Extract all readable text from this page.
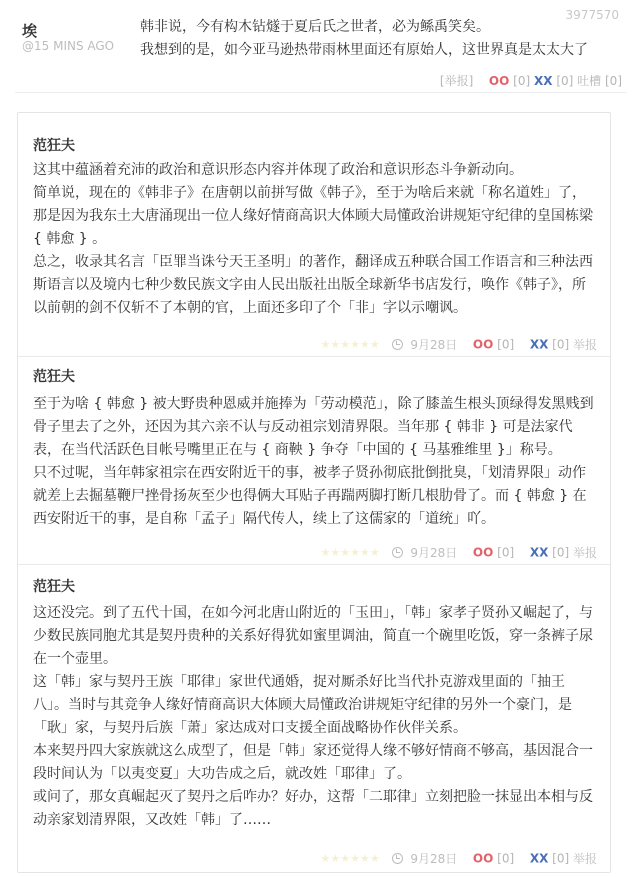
埃
@15 MINS AGO

韩非说，今有构木钻燧于夏后氏之世者，必为鲧禹笑矣。

我想到的是，如今亚马逊热带雨林里面还有原始人，这世界真是太太大了

[举报] OO [0] XX [0] 吐槽 [0]
3977570
范狂夫

这其中蕴涵着充沛的政治和意识形态内容并体现了政治和意识形态斗争新动向。

简单说，现在的《韩非子》在唐朝以前拼写做《韩子》，至于为啥后来就「称名道姓」了，那是因为我东土大唐涌现出一位人缘好情商高识大体顾大局懂政治讲规矩守纪律的皇国栋梁 { 韩愈 } 。

总之，收录其名言「臣罪当诛兮天王圣明」的著作，翻译成五种联合国工作语言和三种法西斯语言以及境内七种少数民族文字由人民出版社出版全球新华书店发行，唤作《韩子》，所以前朝的剑不仅斩不了本朝的官，上面还多印了个「非」字以示嘲讽。

★★★★★★	9月28日 OO [0] XX [0] 举报
范狂夫

至于为啥 { 韩愈 } 被大野贵种恩威并施捧为「劳动模范」，除了膝盖生根头顶绿得发黑贱到骨子里去了之外，还因为其六亲不认与反动祖宗划清界限。当年那 { 韩非 } 可是法家代表，在当代活跃色目帐号嘴里正在与 { 商鞅 } 争夺「中国的 { 马基雅维里 }」称号。

只不过呢，当年韩家祖宗在西安附近干的事，被孝子贤孙彻底批倒批臭，「划清界限」动作就差上去掘墓鞭尸挫骨扬灰至少也得俩大耳贴子再踹两脚打断几根肋骨了。而 { 韩愈 } 在西安附近干的事，是自称「孟子」隔代传人，续上了这儒家的「道统」吖。

★★★★★★	9月28日 OO [0] XX [0] 举报
范狂夫

这还没完。到了五代十国，在如今河北唐山附近的「玉田」，「韩」家孝子贤孙又崛起了，与少数民族同胞尤其是契丹贵种的关系好得犹如蜜里调油，简直一个碗里吃饭，穿一条裤子尿在一个壶里。

这「韩」家与契丹王族「耶律」家世代通婚，捉对厮杀好比当代扑克游戏里面的「抽王八」。当时与其竞争人缘好情商高识大体顾大局懂政治讲规矩守纪律的另外一个豪门，是「耿」家，与契丹后族「萧」家达成对口支援全面战略协作伙伴关系。

本来契丹四大家族就这么成型了，但是「韩」家还觉得人缘不够好情商不够高，基因混合一段时间认为「以夷变夏」大功告成之后，就改姓「耶律」了。

或问了，那女真崛起灭了契丹之后咋办？好办，这帮「二耶律」立刻把脸一抹显出本相与反动亲家划清界限，又改姓「韩」了……

★★★★★★	9月28日 OO [0] XX [0] 举报
